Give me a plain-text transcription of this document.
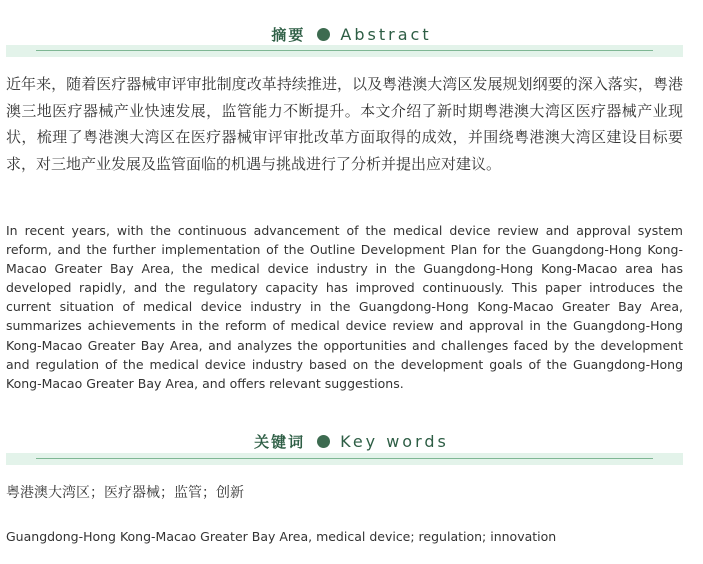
摘要 Abstract

近年来，随着医疗器械审评审批制度改革持续推进，以及粤港澳大湾区发展规划纲要的深入落实，粤港澳三地医疗器械产业快速发展，监管能力不断提升。本文介绍了新时期粤港澳大湾区医疗器械产业现状，梳理了粤港澳大湾区在医疗器械审评审批改革方面取得的成效，并围绕粤港澳大湾区建设目标要求，对三地产业发展及监管面临的机遇与挑战进行了分析并提出应对建议。

In recent years, with the continuous advancement of the medical device review and approval system reform, and the further implementation of the Outline Development Plan for the Guangdong-Hong Kong-Macao Greater Bay Area, the medical device industry in the Guangdong-Hong Kong-Macao area has developed rapidly, and the regulatory capacity has improved continuously. This paper introduces the current situation of medical device industry in the Guangdong-Hong Kong-Macao Greater Bay Area, summarizes achievements in the reform of medical device review and approval in the Guangdong-Hong Kong-Macao Greater Bay Area, and analyzes the opportunities and challenges faced by the development and regulation of the medical device industry based on the development goals of the Guangdong-Hong Kong-Macao Greater Bay Area, and offers relevant suggestions.

关键词 Key words

粤港澳大湾区；医疗器械；监管；创新

Guangdong-Hong Kong-Macao Greater Bay Area, medical device; regulation; innovation
